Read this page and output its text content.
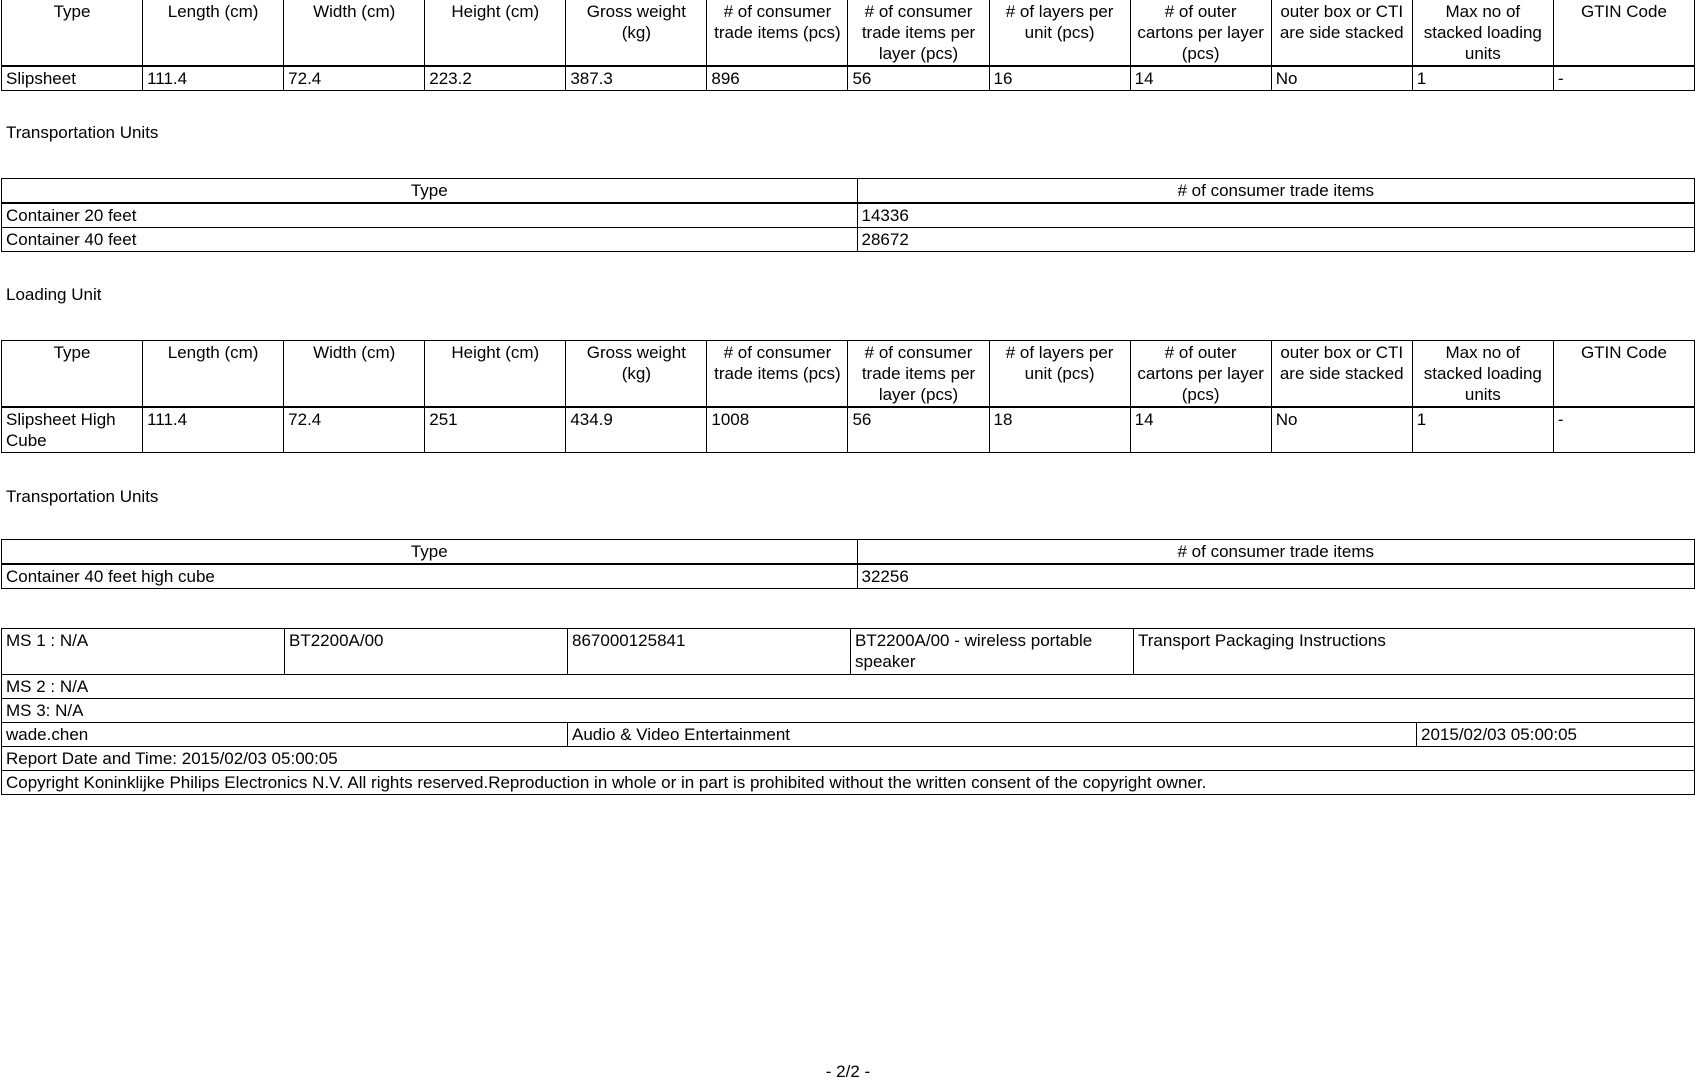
Type	Length (cm)	Width (cm)	Height (cm)	Gross weight (kg)	# of consumer trade items (pcs)	# of consumer trade items per layer (pcs)	# of layers per unit (pcs)	# of outer cartons per layer (pcs)	outer box or CTI are side stacked	Max no of stacked loading units	GTIN Code
Slipsheet	111.4	72.4	223.2	387.3	896	56	16	14	No	1	-
Transportation Units
Type	# of consumer trade items
Container 20 feet	14336
Container 40 feet	28672
Loading Unit
Type	Length (cm)	Width (cm)	Height (cm)	Gross weight (kg)	# of consumer trade items (pcs)	# of consumer trade items per layer (pcs)	# of layers per unit (pcs)	# of outer cartons per layer (pcs)	outer box or CTI are side stacked	Max no of stacked loading units	GTIN Code
Slipsheet High Cube	111.4	72.4	251	434.9	1008	56	18	14	No	1	-
Transportation Units
Type	# of consumer trade items
Container 40 feet high cube	32256
MS 1 : N/A	BT2200A/00	867000125841	BT2200A/00 - wireless portable speaker	Transport Packaging Instructions	
MS 2 : N/A					
MS 3: N/A					
wade.chen		Audio & Video Entertainment			2015/02/03 05:00:05
Report Date and Time: 2015/02/03 05:00:05					
Copyright Koninklijke Philips Electronics N.V. All rights reserved.Reproduction in whole or in part is prohibited without the written consent of the copyright owner.					
- 2/2 -
